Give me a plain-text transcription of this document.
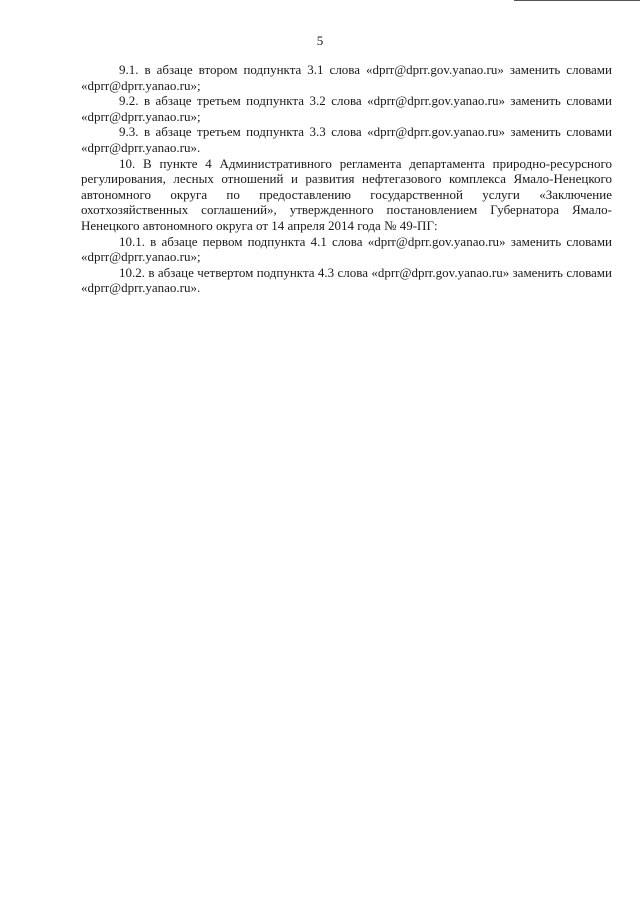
5

9.1. в абзаце втором подпункта 3.1 слова «dprr@dprr.gov.yanao.ru» заменить словами «dprr@dprr.yanao.ru»;

9.2. в абзаце третьем подпункта 3.2 слова «dprr@dprr.gov.yanao.ru» заменить словами «dprr@dprr.yanao.ru»;

9.3. в абзаце третьем подпункта 3.3 слова «dprr@dprr.gov.yanao.ru» заменить словами «dprr@dprr.yanao.ru».

10. В пункте 4 Административного регламента департамента природно-ресурсного регулирования, лесных отношений и развития нефтегазового комплекса Ямало-Ненецкого автономного округа по предоставлению государственной услуги «Заключение охотхозяйственных соглашений», утвержденного постановлением Губернатора Ямало-Ненецкого автономного округа от 14 апреля 2014 года № 49-ПГ:

10.1. в абзаце первом подпункта 4.1 слова «dprr@dprr.gov.yanao.ru» заменить словами «dprr@dprr.yanao.ru»;

10.2. в абзаце четвертом подпункта 4.3 слова «dprr@dprr.gov.yanao.ru» заменить словами «dprr@dprr.yanao.ru».
